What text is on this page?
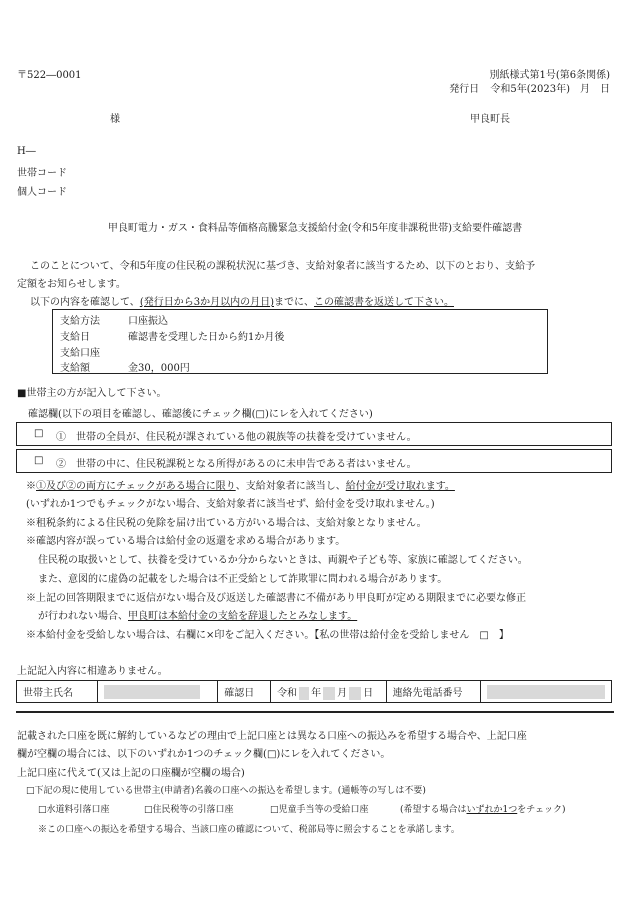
〒522―0001	別紙様式第1号(第6条関係)
発行日 令和5年(2023年)　月　日
様	甲良町長
H―
世帯コード
個人コード
甲良町電力・ガス・食料品等価格高騰緊急支援給付金(令和5年度非課税世帯)支給要件確認書
このことについて、令和5年度の住民税の課税状況に基づき、支給対象者に該当するため、以下のとおり、支給予
定額をお知らせします。
以下の内容を確認して、(発行日から3か月以内の月日)までに、この確認書を返送して下さい。
支給方法	口座振込
支給日	確認書を受理した日から約1か月後
支給口座
支給額	金30，000円
■世帯主の方が記入して下さい。
確認欄(以下の項目を確認し、確認後にチェック欄(□)にレを入れてください)
□ ①　世帯の全員が、住民税が課されている他の親族等の扶養を受けていません。
□ ②　世帯の中に、住民税課税となる所得があるのに未申告である者はいません。
※①及び②の両方にチェックがある場合に限り、支給対象者に該当し、給付金が受け取れます。
(いずれか1つでもチェックがない場合、支給対象者に該当せず、給付金を受け取れません。)
※租税条約による住民税の免除を届け出ている方がいる場合は、支給対象となりません。
※確認内容が誤っている場合は給付金の返還を求める場合があります。
住民税の取扱いとして、扶養を受けているか分からないときは、両親や子ども等、家族に確認してください。
また、意図的に虚偽の記載をした場合は不正受給として詐欺罪に問われる場合があります。
※上記の回答期限までに返信がない場合及び返送した確認書に不備があり甲良町が定める期限までに必要な修正
が行われない場合、甲良町は本給付金の支給を辞退したとみなします。
※本給付金を受給しない場合は、右欄に×印をご記入ください。【私の世帯は給付金を受給しません　□　】
上記記入内容に相違ありません。
世帯主氏名		確認日	令和 年 月 日	連絡先電話番号	
記載された口座を既に解約しているなどの理由で上記口座とは異なる口座への振込みを希望する場合や、上記口座
欄が空欄の場合には、以下のいずれか1つのチェック欄(□)にレを入れてください。
上記口座に代えて(又は上記の口座欄が空欄の場合)
□下記の現に使用している世帯主(申請者)名義の口座への振込を希望します。(通帳等の写しは不要)
□水道料引落口座	□住民税等の引落口座	□児童手当等の受給口座	(希望する場合はいずれか1つをチェック)
※この口座への振込を希望する場合、当該口座の確認について、税部局等に照会することを承諾します。
